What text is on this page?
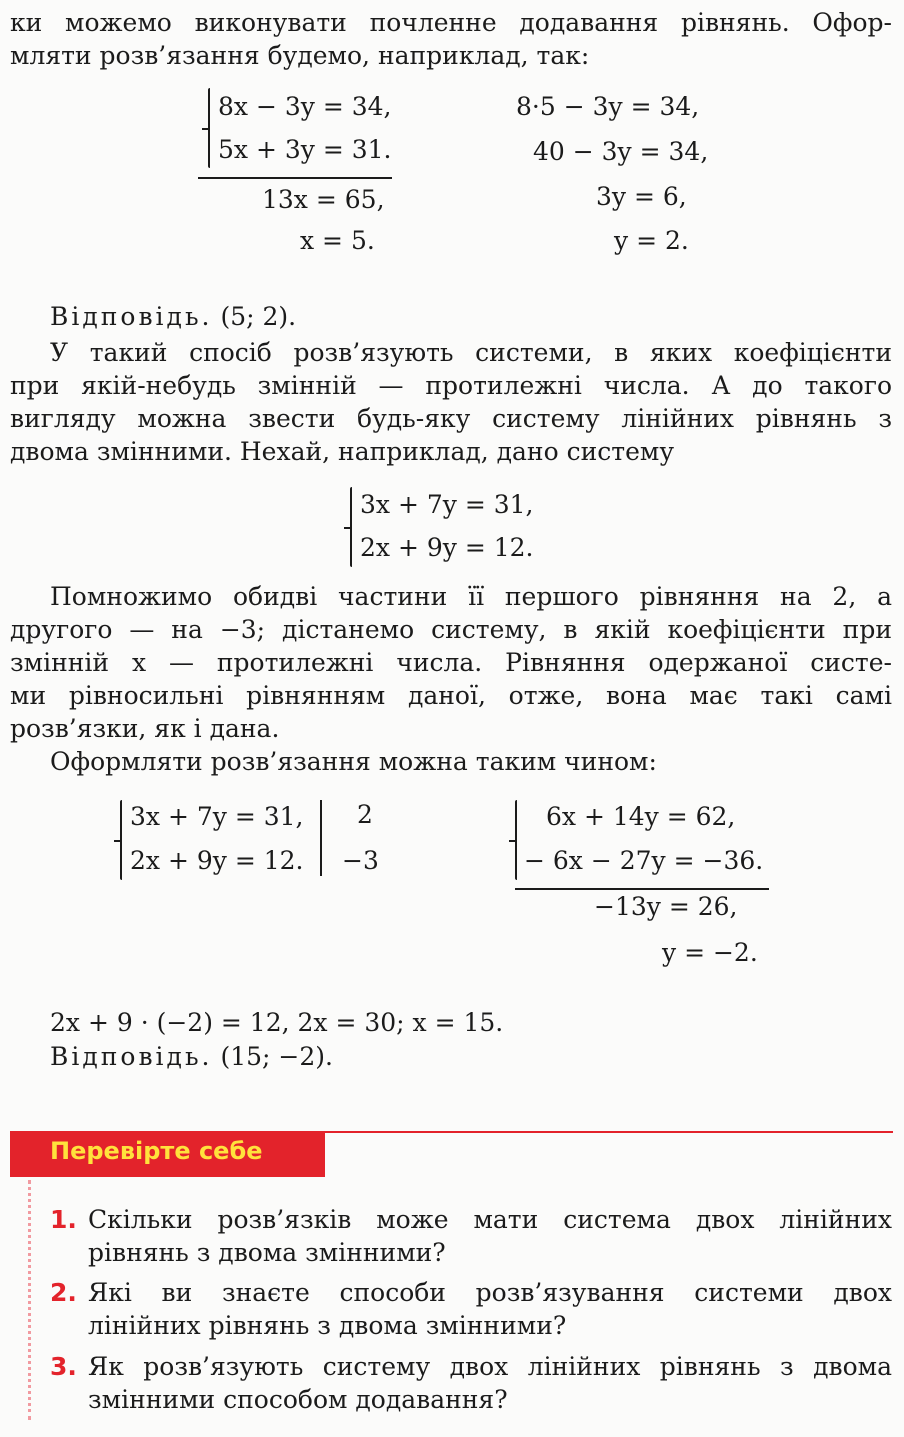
ки можемо виконувати почленне додавання рівнянь. Офор-
мляти розв’язання будемо, наприклад, так:
8x − 3y = 34,
5x + 3y = 31.
13x = 65,
x = 5.
8·5 − 3y = 34,
40 − 3y = 34,
3y = 6,
y = 2.
Відповідь. (5; 2).
У такий спосіб розв’язують системи, в яких коефіцієнти
при якій-небудь змінній — протилежні числа. А до такого
вигляду можна звести будь-яку систему лінійних рівнянь з
двома змінними. Нехай, наприклад, дано систему
3x + 7y = 31,
2x + 9y = 12.
Помножимо обидві частини її першого рівняння на 2, а
другого — на −3; дістанемо систему, в якій коефіцієнти при
змінній x — протилежні числа. Рівняння одержаної систе-
ми рівносильні рівнянням даної, отже, вона має такі самі
розв’язки, як і дана.
Оформляти розв’язання можна таким чином:
3x + 7y = 31,
2x + 9y = 12.
2
−3
6x + 14y = 62,
− 6x − 27y = −36.
−13y = 26,
y = −2.
2x + 9 · (−2) = 12, 2x = 30; x = 15.
Відповідь. (15; −2).
Перевірте себе
1. Скільки розв’язків може мати система двох лінійних
рівнянь з двома змінними?
2. Які ви знаєте способи розв’язування системи двох
лінійних рівнянь з двома змінними?
3. Як розв’язують систему двох лінійних рівнянь з двома
змінними способом додавання?
